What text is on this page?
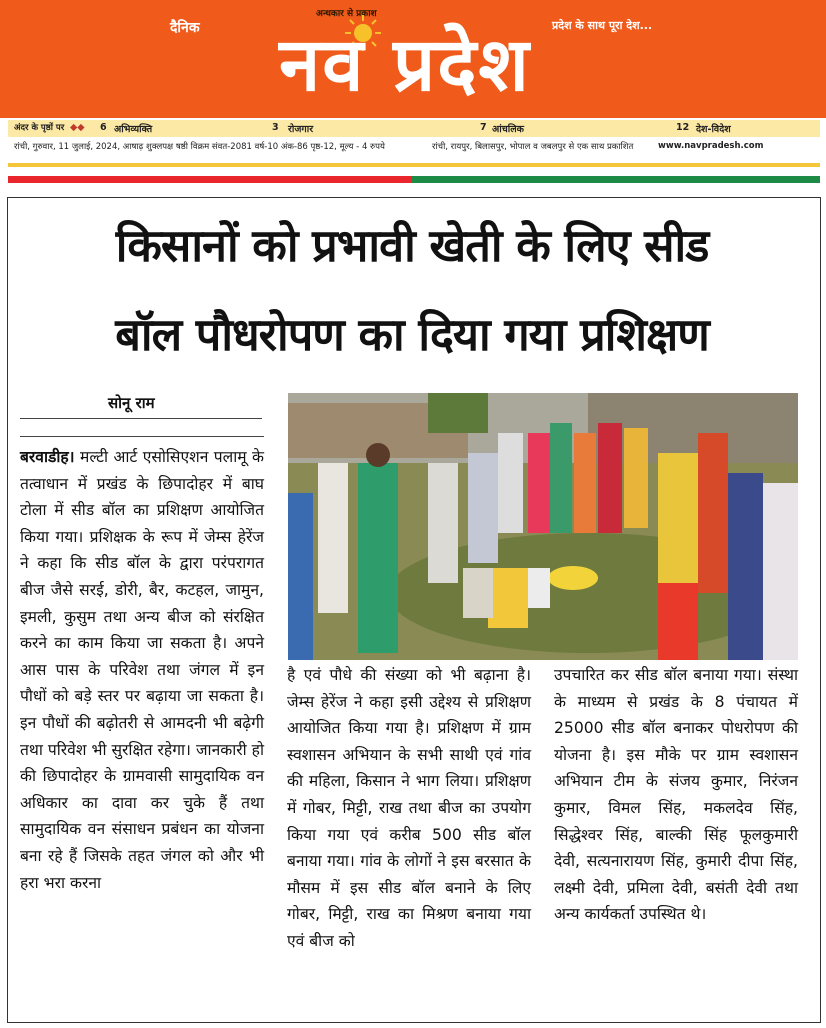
दैनिक
अन्धकार से प्रकाश
नव प्रदेश	प्रदेश के साथ पूरा देश...
अंदर के पृष्ठों पर ◆◆ 6 अभिव्यक्ति	3 रोजगार	7 आंचलिक	12 देश-विदेश
रांची, गुरुवार, 11 जुलाई, 2024, आषाढ़ शुक्लपक्ष षष्ठी विक्रम संवत-2081 वर्ष-10 अंक-86 पृष्ठ-12, मूल्य - 4 रुपये	रांची, रायपुर, बिलासपुर, भोपाल व जबलपुर से एक साथ प्रकाशित	www.navpradesh.com
किसानों को प्रभावी खेती के लिए सीड
बॉल पौधरोपण का दिया गया प्रशिक्षण
सोनू राम
बरवाडीह। मल्टी आर्ट एसोसिएशन पलामू के तत्वाधान में प्रखंड के छिपादोहर में बाघ टोला में सीड बॉल का प्रशिक्षण आयोजित किया गया। प्रशिक्षक के रूप में जेम्स हेरेंज ने कहा कि सीड बॉल के द्वारा परंपरागत बीज जैसे सरई, डोरी, बैर, कटहल, जामुन, इमली, कुसुम तथा अन्य बीज को संरक्षित करने का काम किया जा सकता है। अपने आस पास के परिवेश तथा जंगल में इन पौधों को बड़े स्तर पर बढ़ाया जा सकता है। इन पौधों की बढ़ोतरी से आमदनी भी बढ़ेगी तथा परिवेश भी सुरक्षित रहेगा। जानकारी हो की छिपादोहर के ग्रामवासी सामुदायिक वन अधिकार का दावा कर चुके हैं तथा सामुदायिक वन संसाधन प्रबंधन का योजना बना रहे हैं जिसके तहत जंगल को और भी हरा भरा करना
है एवं पौधे की संख्या को भी बढ़ाना है। जेम्स हेरेंज ने कहा इसी उद्देश्य से प्रशिक्षण आयोजित किया गया है। प्रशिक्षण में ग्राम स्वशासन अभियान के सभी साथी एवं गांव की महिला, किसान ने भाग लिया। प्रशिक्षण में गोबर, मिट्टी, राख तथा बीज का उपयोग किया गया एवं करीब 500 सीड बॉल बनाया गया। गांव के लोगों ने इस बरसात के मौसम में इस सीड बॉल बनाने के लिए गोबर, मिट्टी, राख का मिश्रण बनाया गया एवं बीज को
उपचारित कर सीड बॉल बनाया गया। संस्था के माध्यम से प्रखंड के 8 पंचायत में 25000 सीड बॉल बनाकर पोधरोपण की योजना है। इस मौके पर ग्राम स्वशासन अभियान टीम के संजय कुमार, निरंजन कुमार, विमल सिंह, मकलदेव सिंह, सिद्धेश्वर सिंह, बाल्की सिंह फूलकुमारी देवी, सत्यनारायण सिंह, कुमारी दीपा सिंह, लक्ष्मी देवी, प्रमिला देवी, बसंती देवी तथा अन्य कार्यकर्ता उपस्थित थे।
